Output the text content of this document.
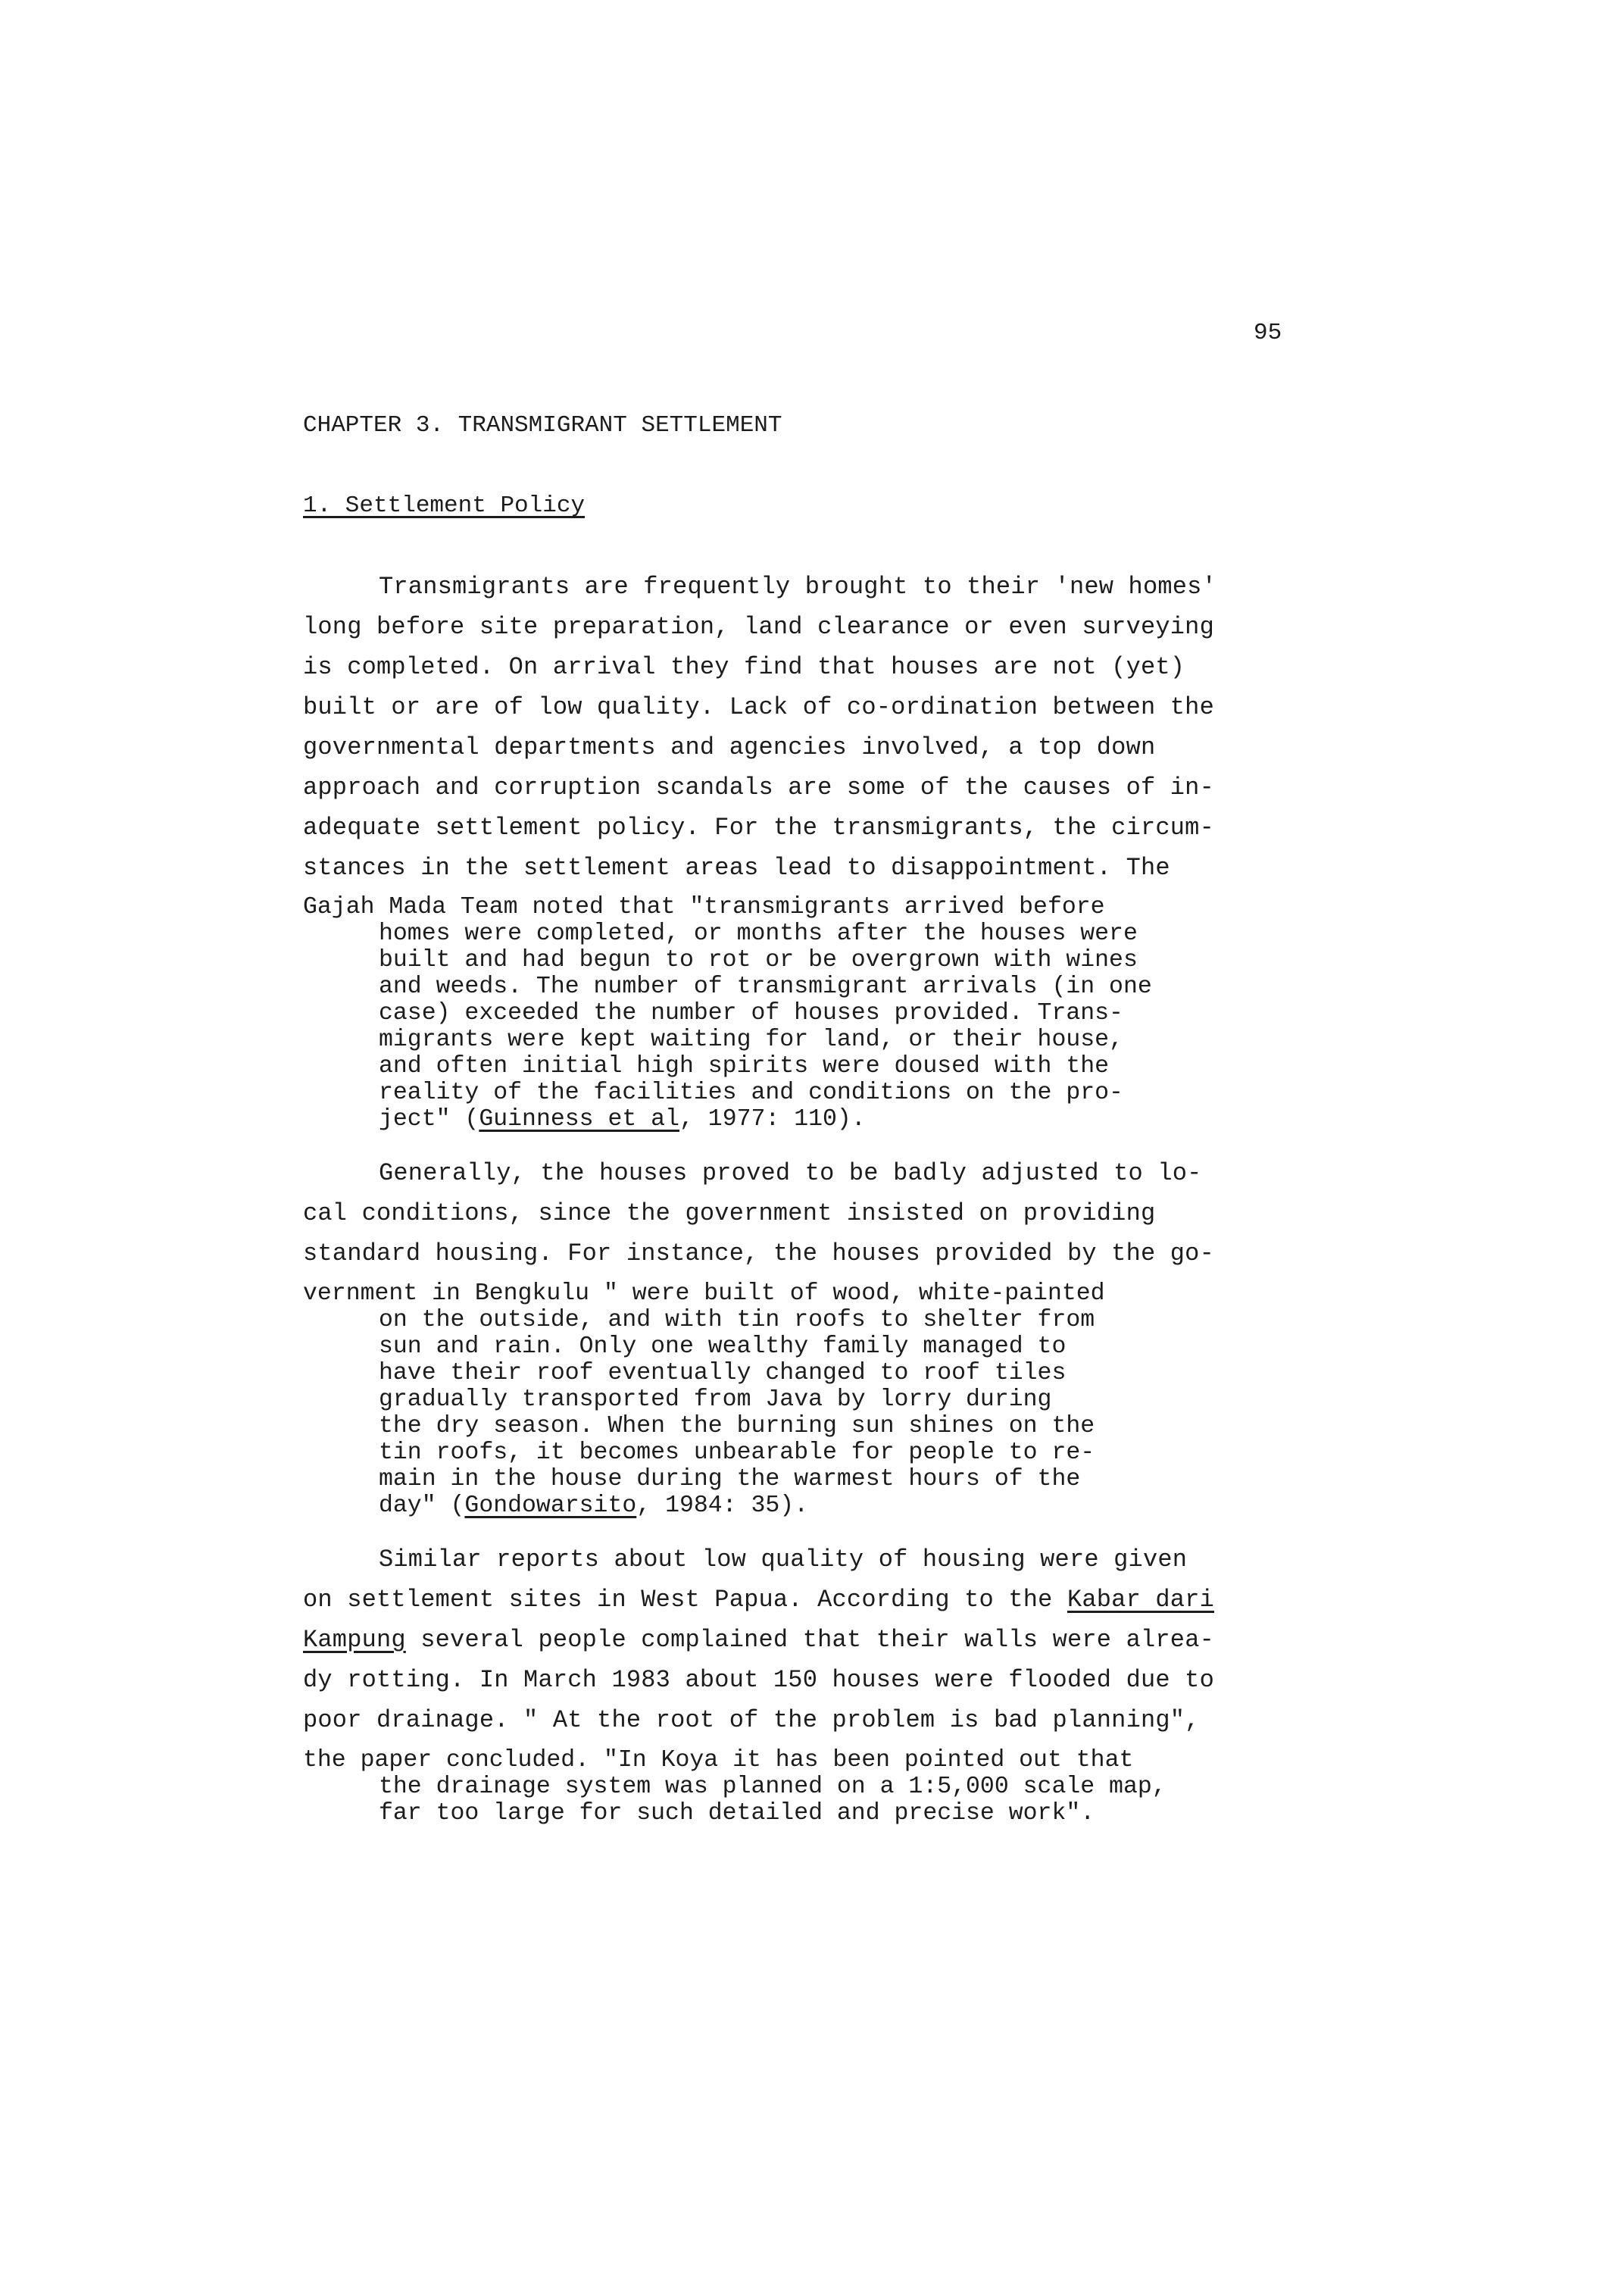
95
CHAPTER 3. TRANSMIGRANT SETTLEMENT
1. Settlement Policy
Transmigrants are frequently brought to their 'new homes'
long before site preparation, land clearance or even surveying
is completed. On arrival they find that houses are not (yet)
built or are of low quality. Lack of co-ordination between the
governmental departments and agencies involved, a top down
approach and corruption scandals are some of the causes of in-
adequate settlement policy. For the transmigrants, the circum-
stances in the settlement areas lead to disappointment. The
Gajah Mada Team noted that "transmigrants arrived before
homes were completed, or months after the houses were
built and had begun to rot or be overgrown with wines
and weeds. The number of transmigrant arrivals (in one
case) exceeded the number of houses provided. Trans-
migrants were kept waiting for land, or their house,
and often initial high spirits were doused with the
reality of the facilities and conditions on the pro-
ject" (Guinness et al, 1977: 110).
Generally, the houses proved to be badly adjusted to lo-
cal conditions, since the government insisted on providing
standard housing. For instance, the houses provided by the go-
vernment in Bengkulu " were built of wood, white-painted
on the outside, and with tin roofs to shelter from
sun and rain. Only one wealthy family managed to
have their roof eventually changed to roof tiles
gradually transported from Java by lorry during
the dry season. When the burning sun shines on the
tin roofs, it becomes unbearable for people to re-
main in the house during the warmest hours of the
day" (Gondowarsito, 1984: 35).
Similar reports about low quality of housing were given
on settlement sites in West Papua. According to the Kabar dari
Kampung several people complained that their walls were alrea-
dy rotting. In March 1983 about 150 houses were flooded due to
poor drainage. " At the root of the problem is bad planning",
the paper concluded. "In Koya it has been pointed out that
the drainage system was planned on a 1:5,000 scale map,
far too large for such detailed and precise work".
